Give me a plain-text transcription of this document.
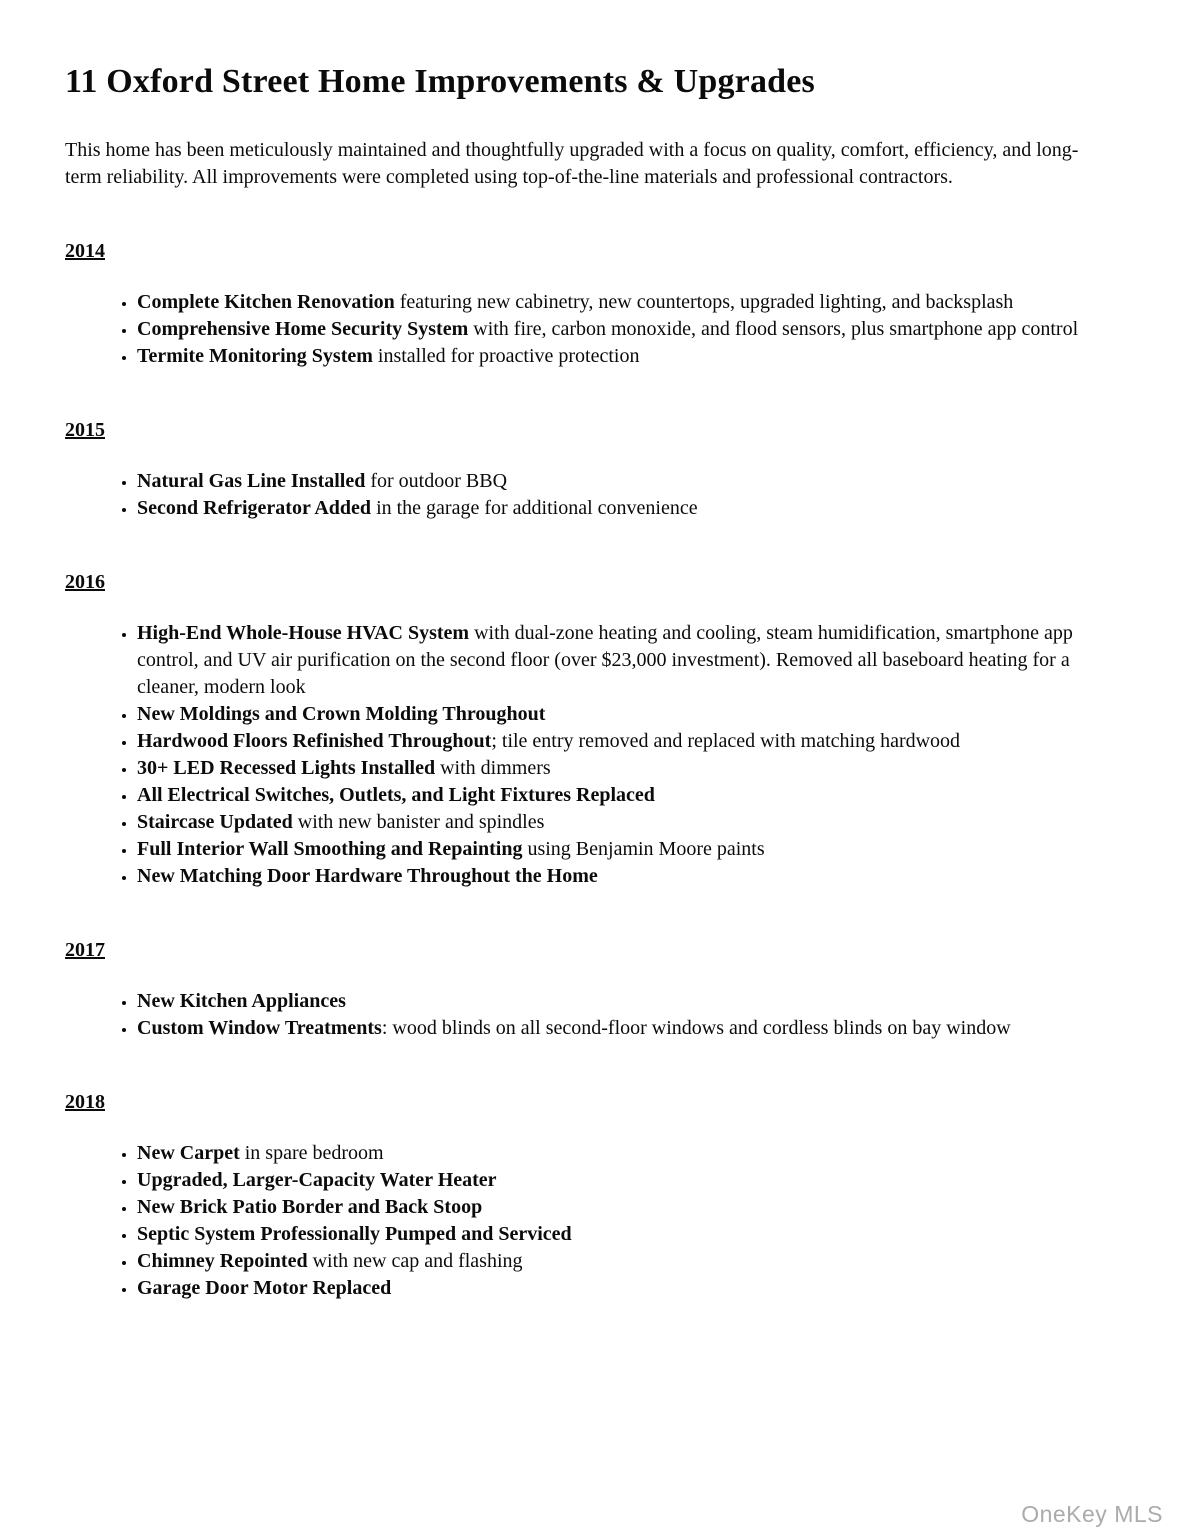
11 Oxford Street Home Improvements & Upgrades

This home has been meticulously maintained and thoughtfully upgraded with a focus on quality, comfort, efficiency, and long-term reliability. All improvements were completed using top-of-the-line materials and professional contractors.

2014
• Complete Kitchen Renovation featuring new cabinetry, new countertops, upgraded lighting, and backsplash
• Comprehensive Home Security System with fire, carbon monoxide, and flood sensors, plus smartphone app control
• Termite Monitoring System installed for proactive protection
2015
• Natural Gas Line Installed for outdoor BBQ
• Second Refrigerator Added in the garage for additional convenience
2016
• High-End Whole-House HVAC System with dual-zone heating and cooling, steam humidification, smartphone app control, and UV air purification on the second floor (over $23,000 investment). Removed all baseboard heating for a cleaner, modern look
• New Moldings and Crown Molding Throughout
• Hardwood Floors Refinished Throughout; tile entry removed and replaced with matching hardwood
• 30+ LED Recessed Lights Installed with dimmers
• All Electrical Switches, Outlets, and Light Fixtures Replaced
• Staircase Updated with new banister and spindles
• Full Interior Wall Smoothing and Repainting using Benjamin Moore paints
• New Matching Door Hardware Throughout the Home
2017
• New Kitchen Appliances
• Custom Window Treatments: wood blinds on all second-floor windows and cordless blinds on bay window
2018
• New Carpet in spare bedroom
• Upgraded, Larger-Capacity Water Heater
• New Brick Patio Border and Back Stoop
• Septic System Professionally Pumped and Serviced
• Chimney Repointed with new cap and flashing
• Garage Door Motor Replaced
OneKey MLS
